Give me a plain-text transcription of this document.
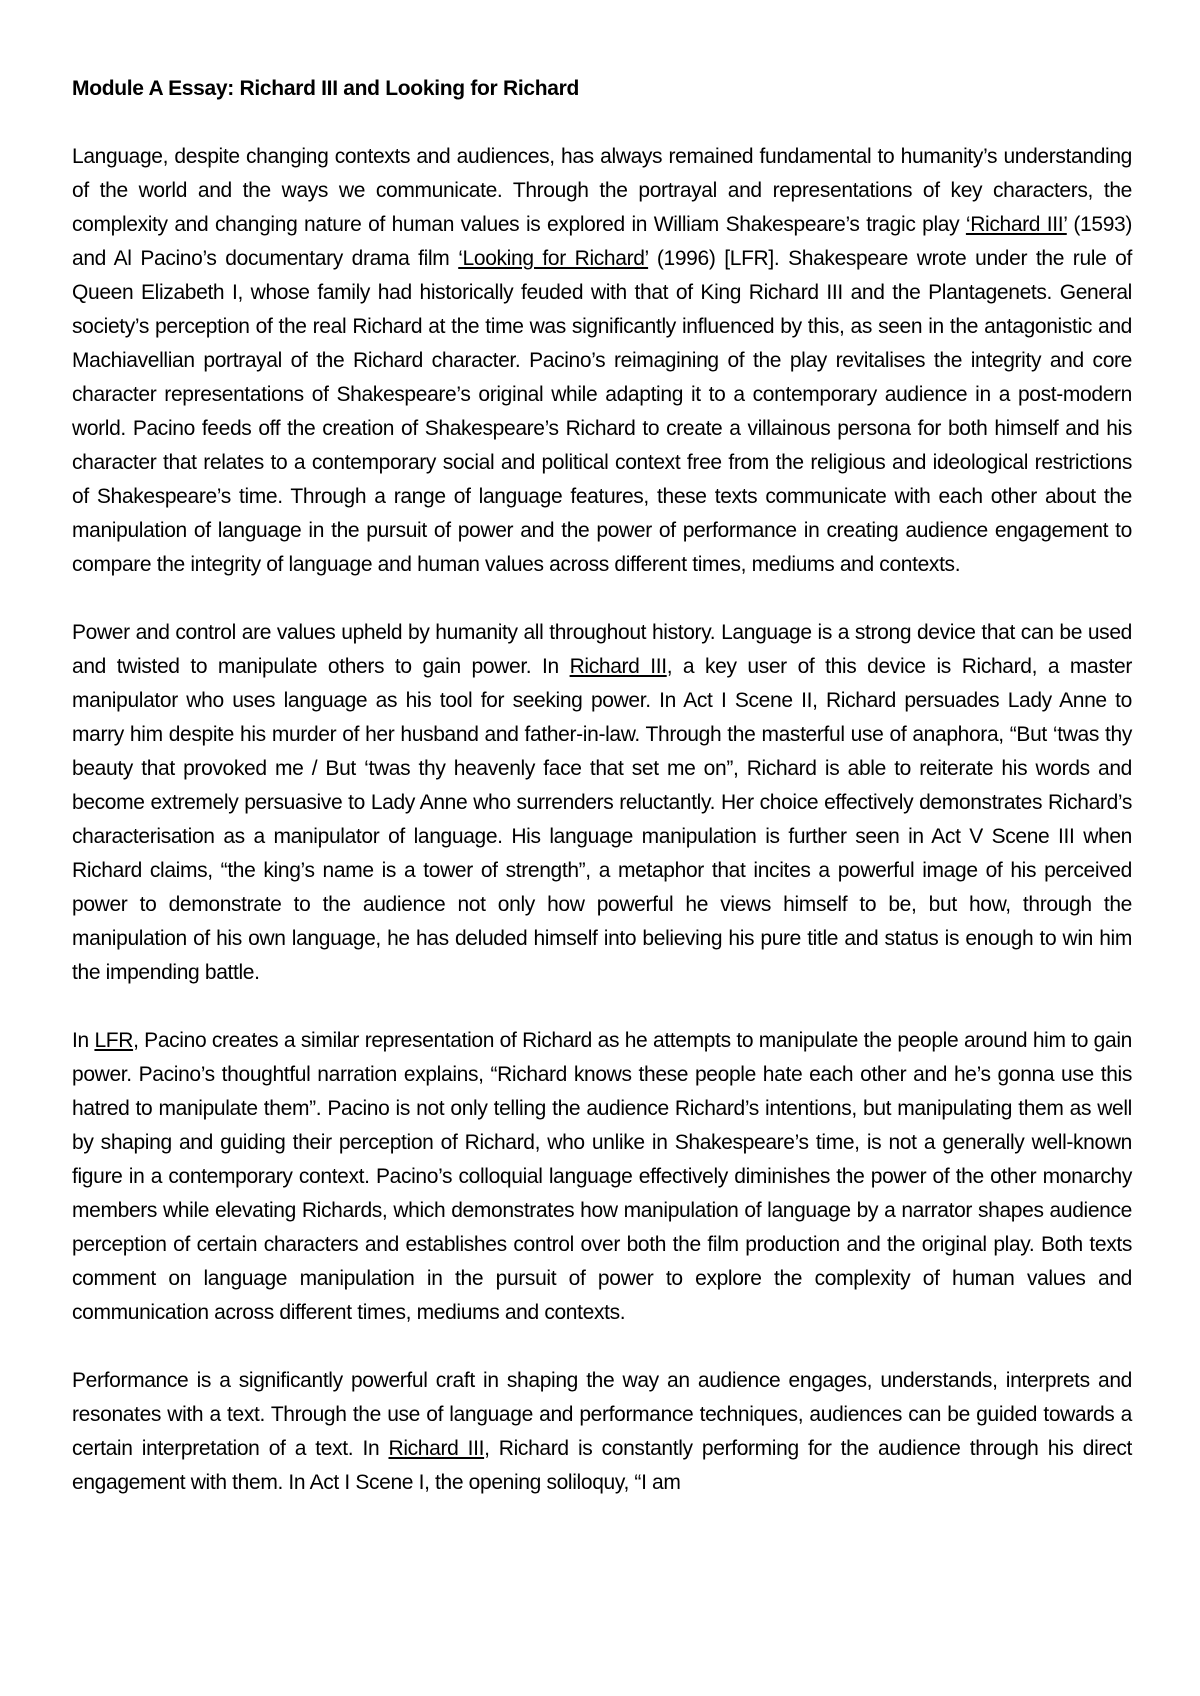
Module A Essay: Richard III and Looking for Richard

Language, despite changing contexts and audiences, has always remained fundamental to humanity’s understanding of the world and the ways we communicate. Through the portrayal and representations of key characters, the complexity and changing nature of human values is explored in William Shakespeare’s tragic play ‘Richard III’ (1593) and Al Pacino’s documentary drama film ‘Looking for Richard’ (1996) [LFR]. Shakespeare wrote under the rule of Queen Elizabeth I, whose family had historically feuded with that of King Richard III and the Plantagenets. General society’s perception of the real Richard at the time was significantly influenced by this, as seen in the antagonistic and Machiavellian portrayal of the Richard character. Pacino’s reimagining of the play revitalises the integrity and core character representations of Shakespeare’s original while adapting it to a contemporary audience in a post-modern world. Pacino feeds off the creation of Shakespeare’s Richard to create a villainous persona for both himself and his character that relates to a contemporary social and political context free from the religious and ideological restrictions of Shakespeare’s time. Through a range of language features, these texts communicate with each other about the manipulation of language in the pursuit of power and the power of performance in creating audience engagement to compare the integrity of language and human values across different times, mediums and contexts.

Power and control are values upheld by humanity all throughout history. Language is a strong device that can be used and twisted to manipulate others to gain power. In Richard III, a key user of this device is Richard, a master manipulator who uses language as his tool for seeking power. In Act I Scene II, Richard persuades Lady Anne to marry him despite his murder of her husband and father-in-law. Through the masterful use of anaphora, “But ‘twas thy beauty that provoked me / But ‘twas thy heavenly face that set me on”, Richard is able to reiterate his words and become extremely persuasive to Lady Anne who surrenders reluctantly. Her choice effectively demonstrates Richard’s characterisation as a manipulator of language. His language manipulation is further seen in Act V Scene III when Richard claims, “the king’s name is a tower of strength”, a metaphor that incites a powerful image of his perceived power to demonstrate to the audience not only how powerful he views himself to be, but how, through the manipulation of his own language, he has deluded himself into believing his pure title and status is enough to win him the impending battle.

In LFR, Pacino creates a similar representation of Richard as he attempts to manipulate the people around him to gain power. Pacino’s thoughtful narration explains, “Richard knows these people hate each other and he’s gonna use this hatred to manipulate them”. Pacino is not only telling the audience Richard’s intentions, but manipulating them as well by shaping and guiding their perception of Richard, who unlike in Shakespeare’s time, is not a generally well-known figure in a contemporary context. Pacino’s colloquial language effectively diminishes the power of the other monarchy members while elevating Richards, which demonstrates how manipulation of language by a narrator shapes audience perception of certain characters and establishes control over both the film production and the original play. Both texts comment on language manipulation in the pursuit of power to explore the complexity of human values and communication across different times, mediums and contexts.

Performance is a significantly powerful craft in shaping the way an audience engages, understands, interprets and resonates with a text. Through the use of language and performance techniques, audiences can be guided towards a certain interpretation of a text. In Richard III, Richard is constantly performing for the audience through his direct engagement with them. In Act I Scene I, the opening soliloquy, “I am
